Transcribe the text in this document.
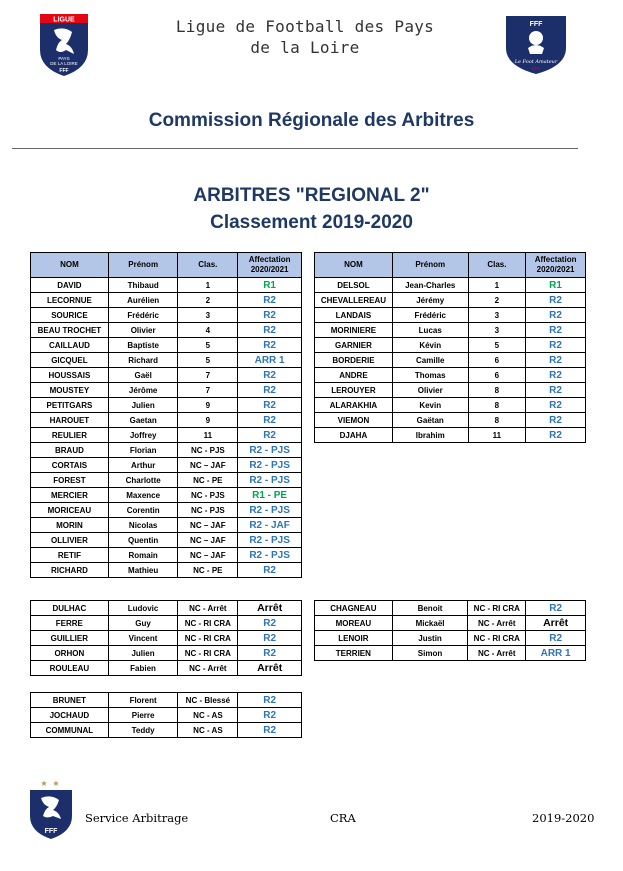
LIGUE
PAYS
DE LA LOIRE
FFF
Ligue de Football des Pays
de la Loire
FFF
Le Foot Amateur
LFA
Commission Régionale des Arbitres
ARBITRES "REGIONAL 2"
Classement 2019-2020
NOM	Prénom	Clas.	Affectation
2020/2021
DAVID	Thibaud	1	R1
LECORNUE	Aurélien	2	R2
SOURICE	Frédéric	3	R2
BEAU TROCHET	Olivier	4	R2
CAILLAUD	Baptiste	5	R2
GICQUEL	Richard	5	ARR 1
HOUSSAIS	Gaël	7	R2
MOUSTEY	Jérôme	7	R2
PETITGARS	Julien	9	R2
HAROUET	Gaetan	9	R2
REULIER	Joffrey	11	R2
BRAUD	Florian	NC - PJS	R2 - PJS
CORTAIS	Arthur	NC – JAF	R2 - PJS
FOREST	Charlotte	NC - PE	R2 - PJS
MERCIER	Maxence	NC - PJS	R1 - PE
MORICEAU	Corentin	NC - PJS	R2 - PJS
MORIN	Nicolas	NC – JAF	R2 - JAF
OLLIVIER	Quentin	NC – JAF	R2 - PJS
RETIF	Romain	NC – JAF	R2 - PJS
RICHARD	Mathieu	NC - PE	R2
NOM	Prénom	Clas.	Affectation
2020/2021
DELSOL	Jean-Charles	1	R1
CHEVALLEREAU	Jérémy	2	R2
LANDAIS	Frédéric	3	R2
MORINIERE	Lucas	3	R2
GARNIER	Kévin	5	R2
BORDERIE	Camille	6	R2
ANDRE	Thomas	6	R2
LEROUYER	Olivier	8	R2
ALARAKHIA	Kevin	8	R2
VIEMON	Gaëtan	8	R2
DJAHA	Ibrahim	11	R2
DULHAC	Ludovic	NC - Arrêt	Arrêt
FERRE	Guy	NC - RI CRA	R2
GUILLIER	Vincent	NC - RI CRA	R2
ORHON	Julien	NC - RI CRA	R2
ROULEAU	Fabien	NC - Arrêt	Arrêt
CHAGNEAU	Benoit	NC - RI CRA	R2
MOREAU	Mickaël	NC - Arrêt	Arrêt
LENOIR	Justin	NC - RI CRA	R2
TERRIEN	Simon	NC - Arrêt	ARR 1
BRUNET	Florent	NC - Blessé	R2
JOCHAUD	Pierre	NC - AS	R2
COMMUNAL	Teddy	NC - AS	R2
★ ★
FFF
Service Arbitrage	CRA	2019-2020
